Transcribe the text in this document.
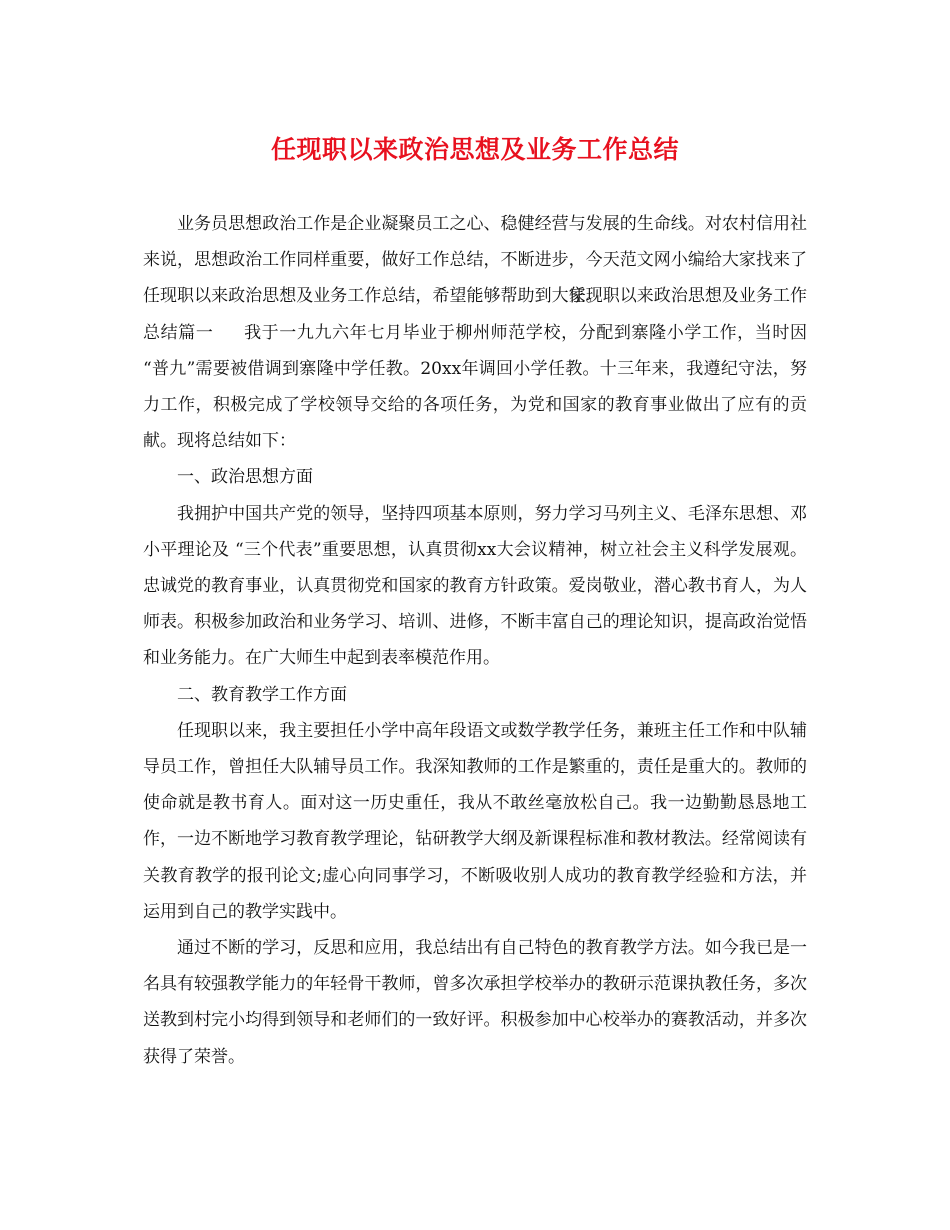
任现职以来政治思想及业务工作总结

业务员思想政治工作是企业凝聚员工之心、稳健经营与发展的生命线。对农村信用社来说，思想政治工作同样重要，做好工作总结，不断进步，今天范文网小编给大家找来了任现职以来政治思想及业务工作总结，希望能够帮助到大家。任现职以来政治思想及业务工作总结篇一 我于一九九六年七月毕业于柳州师范学校，分配到寨隆小学工作，当时因 “普九”需要被借调到寨隆中学任教。20xx年调回小学任教。十三年来，我遵纪守法，努力工作，积极完成了学校领导交给的各项任务，为党和国家的教育事业做出了应有的贡献。现将总结如下：

一、政治思想方面

我拥护中国共产党的领导，坚持四项基本原则，努力学习马列主义、毛泽东思想、邓小平理论及 “三个代表”重要思想，认真贯彻xx大会议精神，树立社会主义科学发展观。忠诚党的教育事业，认真贯彻党和国家的教育方针政策。爱岗敬业，潜心教书育人，为人师表。积极参加政治和业务学习、培训、进修，不断丰富自己的理论知识，提高政治觉悟和业务能力。在广大师生中起到表率模范作用。

二、教育教学工作方面

任现职以来，我主要担任小学中高年段语文或数学教学任务，兼班主任工作和中队辅导员工作，曾担任大队辅导员工作。我深知教师的工作是繁重的，责任是重大的。教师的使命就是教书育人。面对这一历史重任，我从不敢丝毫放松自己。我一边勤勤恳恳地工作，一边不断地学习教育教学理论，钻研教学大纲及新课程标准和教材教法。经常阅读有关教育教学的报刊论文;虚心向同事学习，不断吸收别人成功的教育教学经验和方法，并运用到自己的教学实践中。

通过不断的学习，反思和应用，我总结出有自己特色的教育教学方法。如今我已是一名具有较强教学能力的年轻骨干教师，曾多次承担学校举办的教研示范课执教任务，多次送教到村完小均得到领导和老师们的一致好评。积极参加中心校举办的赛教活动，并多次获得了荣誉。
